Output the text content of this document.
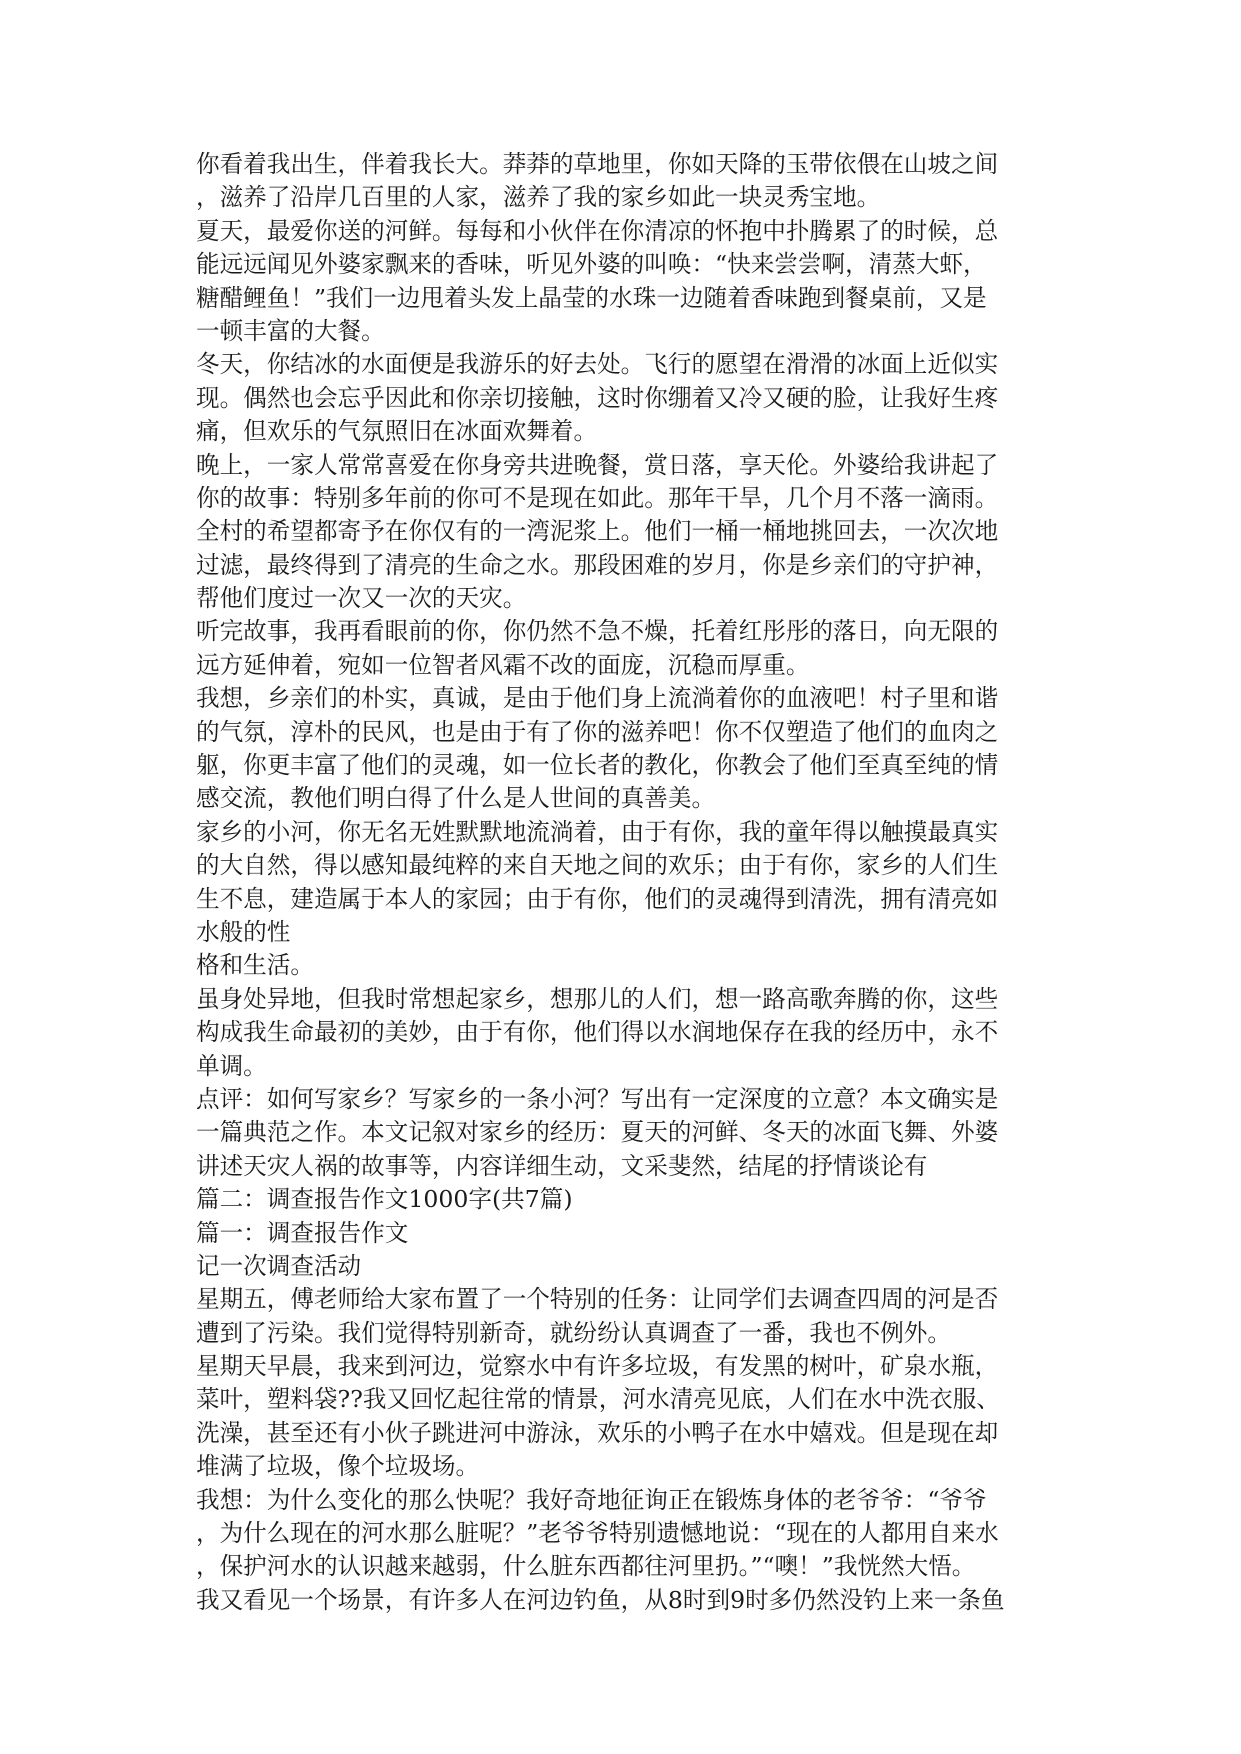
你看着我出生，伴着我长大。莽莽的草地里，你如天降的玉带依偎在山坡之间
，滋养了沿岸几百里的人家，滋养了我的家乡如此一块灵秀宝地。
夏天，最爱你送的河鲜。每每和小伙伴在你清凉的怀抱中扑腾累了的时候，总
能远远闻见外婆家飘来的香味，听见外婆的叫唤：“快来尝尝啊，清蒸大虾，
糖醋鲤鱼！”我们一边甩着头发上晶莹的水珠一边随着香味跑到餐桌前，又是
一顿丰富的大餐。
冬天，你结冰的水面便是我游乐的好去处。飞行的愿望在滑滑的冰面上近似实
现。偶然也会忘乎因此和你亲切接触，这时你绷着又冷又硬的脸，让我好生疼
痛，但欢乐的气氛照旧在冰面欢舞着。
晚上，一家人常常喜爱在你身旁共进晚餐，赏日落，享天伦。外婆给我讲起了
你的故事：特别多年前的你可不是现在如此。那年干旱，几个月不落一滴雨。
全村的希望都寄予在你仅有的一湾泥浆上。他们一桶一桶地挑回去，一次次地
过滤，最终得到了清亮的生命之水。那段困难的岁月，你是乡亲们的守护神，
帮他们度过一次又一次的天灾。
听完故事，我再看眼前的你，你仍然不急不燥，托着红彤彤的落日，向无限的
远方延伸着，宛如一位智者风霜不改的面庞，沉稳而厚重。
我想，乡亲们的朴实，真诚，是由于他们身上流淌着你的血液吧！村子里和谐
的气氛，淳朴的民风，也是由于有了你的滋养吧！你不仅塑造了他们的血肉之
躯，你更丰富了他们的灵魂，如一位长者的教化，你教会了他们至真至纯的情
感交流，教他们明白得了什么是人世间的真善美。
家乡的小河，你无名无姓默默地流淌着，由于有你，我的童年得以触摸最真实
的大自然，得以感知最纯粹的来自天地之间的欢乐；由于有你，家乡的人们生
生不息，建造属于本人的家园；由于有你，他们的灵魂得到清洗，拥有清亮如
水般的性
格和生活。
虽身处异地，但我时常想起家乡，想那儿的人们，想一路高歌奔腾的你，这些
构成我生命最初的美妙，由于有你，他们得以水润地保存在我的经历中，永不
单调。
点评：如何写家乡？写家乡的一条小河？写出有一定深度的立意？本文确实是
一篇典范之作。本文记叙对家乡的经历：夏天的河鲜、冬天的冰面飞舞、外婆
讲述天灾人祸的故事等，内容详细生动，文采斐然，结尾的抒情谈论有
篇二：调查报告作文1000字(共7篇)
篇一：调查报告作文
记一次调查活动
星期五，傅老师给大家布置了一个特别的任务：让同学们去调查四周的河是否
遭到了污染。我们觉得特别新奇，就纷纷认真调查了一番，我也不例外。
星期天早晨，我来到河边，觉察水中有许多垃圾，有发黑的树叶，矿泉水瓶，
菜叶，塑料袋??我又回忆起往常的情景，河水清亮见底，人们在水中洗衣服、
洗澡，甚至还有小伙子跳进河中游泳，欢乐的小鸭子在水中嬉戏。但是现在却
堆满了垃圾，像个垃圾场。
我想：为什么变化的那么快呢？我好奇地征询正在锻炼身体的老爷爷：“爷爷
，为什么现在的河水那么脏呢？”老爷爷特别遗憾地说：“现在的人都用自来水
，保护河水的认识越来越弱，什么脏东西都往河里扔。”“噢！”我恍然大悟。
我又看见一个场景，有许多人在河边钓鱼，从8时到9时多仍然没钓上来一条鱼
